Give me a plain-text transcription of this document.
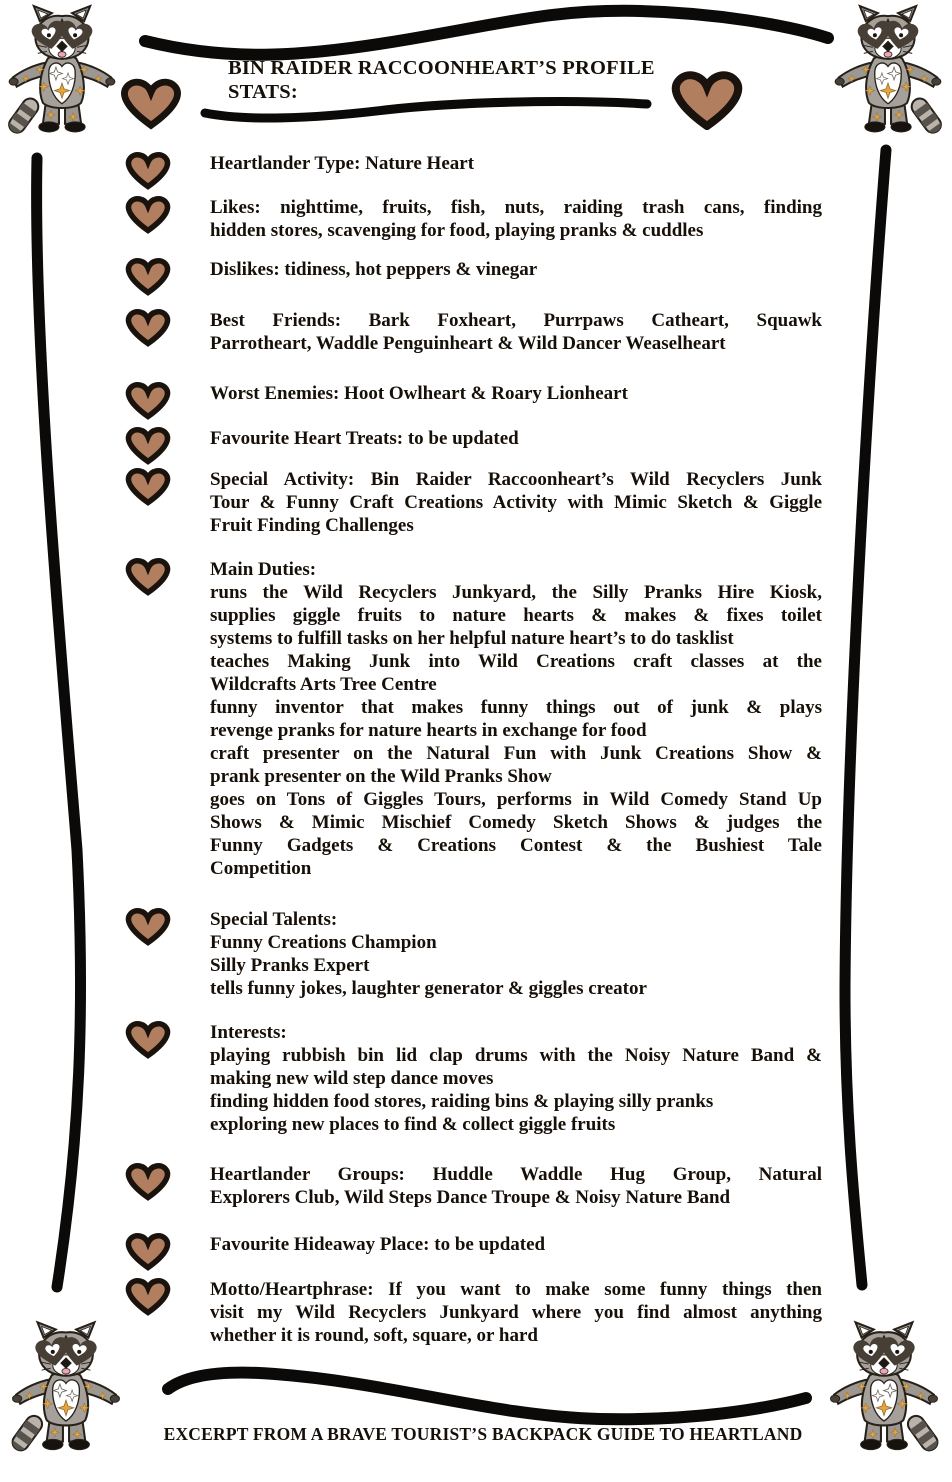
BIN RAIDER RACCOONHEART’S PROFILE
STATS:
Heartlander Type: Nature Heart
Likes: nighttime, fruits, fish, nuts, raiding trash cans, finding
hidden stores, scavenging for food, playing pranks & cuddles
Dislikes: tidiness, hot peppers & vinegar
Best Friends: Bark Foxheart, Purrpaws Catheart, Squawk
Parrotheart, Waddle Penguinheart & Wild Dancer Weaselheart
Worst Enemies: Hoot Owlheart & Roary Lionheart
Favourite Heart Treats: to be updated
Special Activity: Bin Raider Raccoonheart’s Wild Recyclers Junk
Tour & Funny Craft Creations Activity with Mimic Sketch & Giggle
Fruit Finding Challenges
Main Duties:
runs the Wild Recyclers Junkyard, the Silly Pranks Hire Kiosk,
supplies giggle fruits to nature hearts & makes & fixes toilet
systems to fulfill tasks on her helpful nature heart’s to do tasklist
teaches Making Junk into Wild Creations craft classes at the
Wildcrafts Arts Tree Centre
funny inventor that makes funny things out of junk & plays
revenge pranks for nature hearts in exchange for food
craft presenter on the Natural Fun with Junk Creations Show &
prank presenter on the Wild Pranks Show
goes on Tons of Giggles Tours, performs in Wild Comedy Stand Up
Shows & Mimic Mischief Comedy Sketch Shows & judges the
Funny Gadgets & Creations Contest & the Bushiest Tale
Competition
Special Talents:
Funny Creations Champion
Silly Pranks Expert
tells funny jokes, laughter generator & giggles creator
Interests:
playing rubbish bin lid clap drums with the Noisy Nature Band &
making new wild step dance moves
finding hidden food stores, raiding bins & playing silly pranks
exploring new places to find & collect giggle fruits
Heartlander Groups: Huddle Waddle Hug Group, Natural
Explorers Club, Wild Steps Dance Troupe & Noisy Nature Band
Favourite Hideaway Place: to be updated
Motto/Heartphrase: If you want to make some funny things then
visit my Wild Recyclers Junkyard where you find almost anything
whether it is round, soft, square, or hard
EXCERPT FROM A BRAVE TOURIST’S BACKPACK GUIDE TO HEARTLAND
